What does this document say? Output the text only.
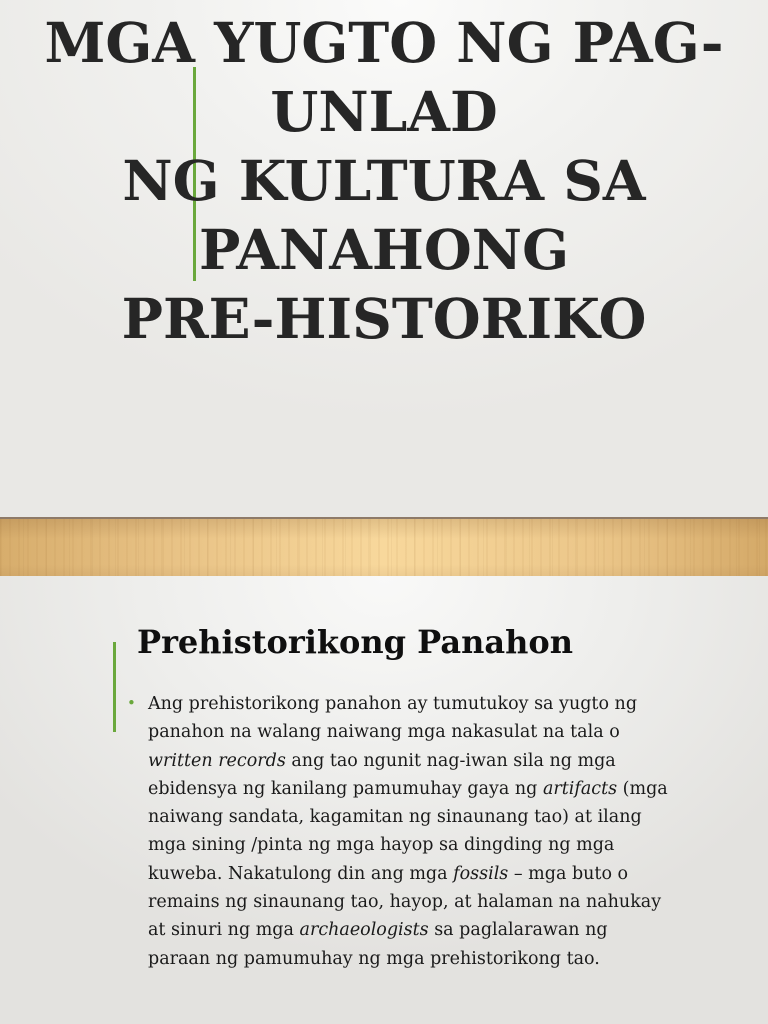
MGA YUGTO NG PAG-
UNLAD
NG KULTURA SA
PANAHONG
PRE-HISTORIKO
Prehistorikong Panahon
• Ang prehistorikong panahon ay tumutukoy sa yugto ng
panahon na walang naiwang mga nakasulat na tala o
written records ang tao ngunit nag-iwan sila ng mga
ebidensya ng kanilang pamumuhay gaya ng artifacts (mga
naiwang sandata, kagamitan ng sinaunang tao) at ilang
mga sining /pinta ng mga hayop sa dingding ng mga
kuweba. Nakatulong din ang mga fossils – mga buto o
remains ng sinaunang tao, hayop, at halaman na nahukay
at sinuri ng mga archaeologists sa paglalarawan ng
paraan ng pamumuhay ng mga prehistorikong tao.
